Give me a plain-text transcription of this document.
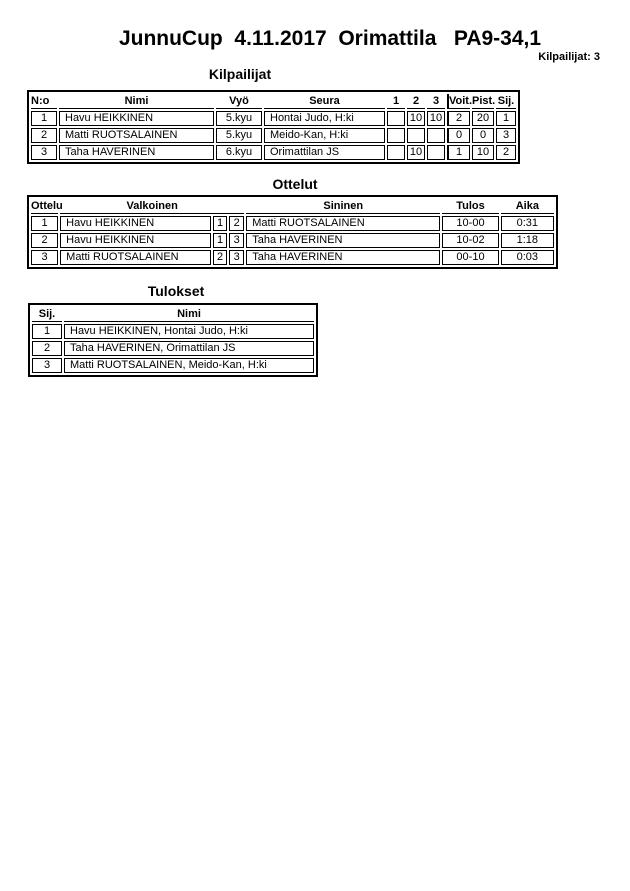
JunnuCup  4.11.2017  Orimattila   PA9-34,1
Kilpailijat: 3
Kilpailijat
N:o	Nimi	Vyö	Seura	1	2	3	Voit.	Pist.	Sij.
1	Havu HEIKKINEN	5.kyu	Hontai Judo, H:ki		10	10	2	20	1
2	Matti RUOTSALAINEN	5.kyu	Meido-Kan, H:ki				0	0	3
3	Taha HAVERINEN	6.kyu	Orimattilan JS		10		1	10	2
Ottelut
Ottelu	Valkoinen			Sininen	Tulos	Aika
1	Havu HEIKKINEN	1	2	Matti RUOTSALAINEN	10-00	0:31
2	Havu HEIKKINEN	1	3	Taha HAVERINEN	10-02	1:18
3	Matti RUOTSALAINEN	2	3	Taha HAVERINEN	00-10	0:03
Tulokset
Sij.	Nimi
1	Havu HEIKKINEN, Hontai Judo, H:ki
2	Taha HAVERINEN, Orimattilan JS
3	Matti RUOTSALAINEN, Meido-Kan, H:ki
